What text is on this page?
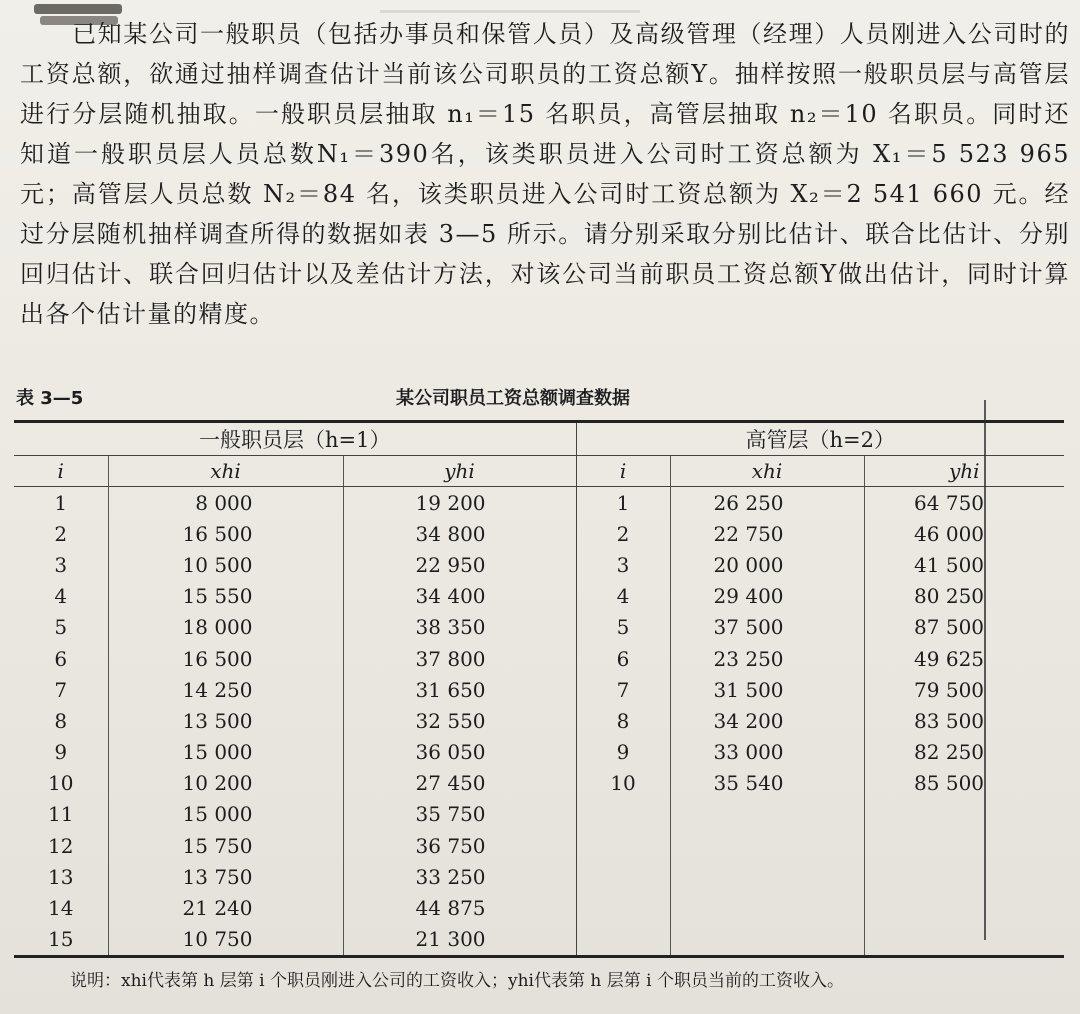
已知某公司一般职员（包括办事员和保管人员）及高级管理（经理）人员刚进入公司时的工资总额，欲通过抽样调查估计当前该公司职员的工资总额Y。抽样按照一般职员层与高管层进行分层随机抽取。一般职员层抽取 n₁＝15 名职员，高管层抽取 n₂＝10 名职员。同时还知道一般职员层人员总数N₁＝390名，该类职员进入公司时工资总额为 X₁＝5 523 965 元；高管层人员总数 N₂＝84 名，该类职员进入公司时工资总额为 X₂＝2 541 660 元。经过分层随机抽样调查所得的数据如表 3—5 所示。请分别采取分别比估计、联合比估计、分别回归估计、联合回归估计以及差估计方法，对该公司当前职员工资总额Y做出估计，同时计算出各个估计量的精度。
表 3—5	某公司职员工资总额调查数据
一般职员层（h=1）			高管层（h=2）		
i	xhi	yhi	i	xhi	yhi
1	8 000	19 200	1	26 250	64 750
2	16 500	34 800	2	22 750	46 000
3	10 500	22 950	3	20 000	41 500
4	15 550	34 400	4	29 400	80 250
5	18 000	38 350	5	37 500	87 500
6	16 500	37 800	6	23 250	49 625
7	14 250	31 650	7	31 500	79 500
8	13 500	32 550	8	34 200	83 500
9	15 000	36 050	9	33 000	82 250
10	10 200	27 450	10	35 540	85 500
11	15 000	35 750			
12	15 750	36 750			
13	13 750	33 250			
14	21 240	44 875			
15	10 750	21 300			
说明：xhi代表第 h 层第 i 个职员刚进入公司的工资收入；yhi代表第 h 层第 i 个职员当前的工资收入。
